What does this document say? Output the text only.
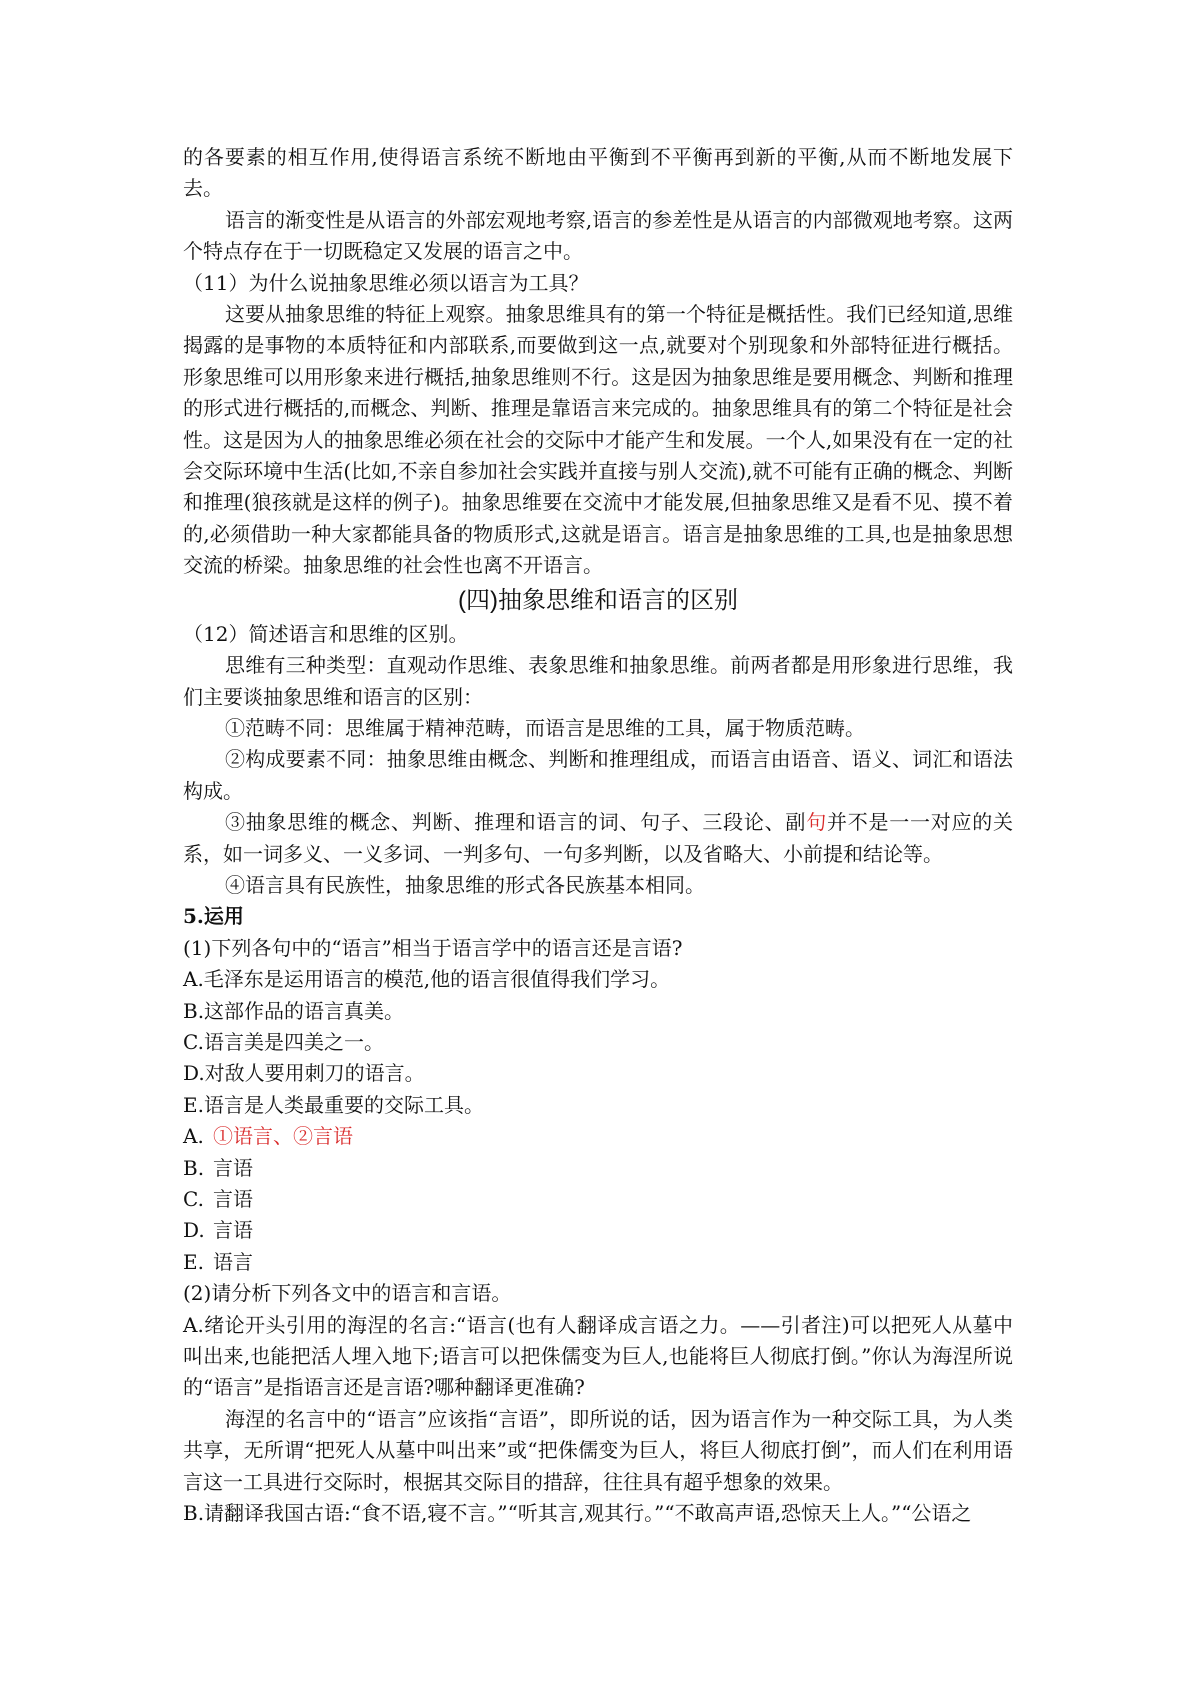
的各要素的相互作用,使得语言系统不断地由平衡到不平衡再到新的平衡,从而不断地发展下去。

语言的渐变性是从语言的外部宏观地考察,语言的参差性是从语言的内部微观地考察。这两个特点存在于一切既稳定又发展的语言之中。

（11）为什么说抽象思维必须以语言为工具？

这要从抽象思维的特征上观察。抽象思维具有的第一个特征是概括性。我们已经知道,思维揭露的是事物的本质特征和内部联系,而要做到这一点,就要对个别现象和外部特征进行概括。形象思维可以用形象来进行概括,抽象思维则不行。这是因为抽象思维是要用概念、判断和推理的形式进行概括的,而概念、判断、推理是靠语言来完成的。抽象思维具有的第二个特征是社会性。这是因为人的抽象思维必须在社会的交际中才能产生和发展。一个人,如果没有在一定的社会交际环境中生活(比如,不亲自参加社会实践并直接与别人交流),就不可能有正确的概念、判断和推理(狼孩就是这样的例子)。抽象思维要在交流中才能发展,但抽象思维又是看不见、摸不着的,必须借助一种大家都能具备的物质形式,这就是语言。语言是抽象思维的工具,也是抽象思想交流的桥梁。抽象思维的社会性也离不开语言。

(四)抽象思维和语言的区别

（12）简述语言和思维的区别。

思维有三种类型：直观动作思维、表象思维和抽象思维。前两者都是用形象进行思维，我们主要谈抽象思维和语言的区别：

①范畴不同：思维属于精神范畴，而语言是思维的工具，属于物质范畴。

②构成要素不同：抽象思维由概念、判断和推理组成，而语言由语音、语义、词汇和语法构成。

③抽象思维的概念、判断、推理和语言的词、句子、三段论、副句并不是一一对应的关系，如一词多义、一义多词、一判多句、一句多判断，以及省略大、小前提和结论等。

④语言具有民族性，抽象思维的形式各民族基本相同。

5.运用

(1)下列各句中的“语言”相当于语言学中的语言还是言语?

A.毛泽东是运用语言的模范,他的语言很值得我们学习。

B.这部作品的语言真美。

C.语言美是四美之一。

D.对敌人要用刺刀的语言。

E.语言是人类最重要的交际工具。

A. ①语言、②言语

B. 言语

C. 言语

D. 言语

E. 语言

(2)请分析下列各文中的语言和言语。

A.绪论开头引用的海涅的名言:“语言(也有人翻译成言语之力。——引者注)可以把死人从墓中叫出来,也能把活人埋入地下;语言可以把侏儒变为巨人,也能将巨人彻底打倒。”你认为海涅所说的“语言”是指语言还是言语?哪种翻译更准确?

海涅的名言中的“语言”应该指“言语”，即所说的话，因为语言作为一种交际工具，为人类共享，无所谓“把死人从墓中叫出来”或“把侏儒变为巨人，将巨人彻底打倒”，而人们在利用语言这一工具进行交际时，根据其交际目的措辞，往往具有超乎想象的效果。

B.请翻译我国古语:“食不语,寝不言。”“听其言,观其行。”“不敢高声语,恐惊天上人。”“公语之
